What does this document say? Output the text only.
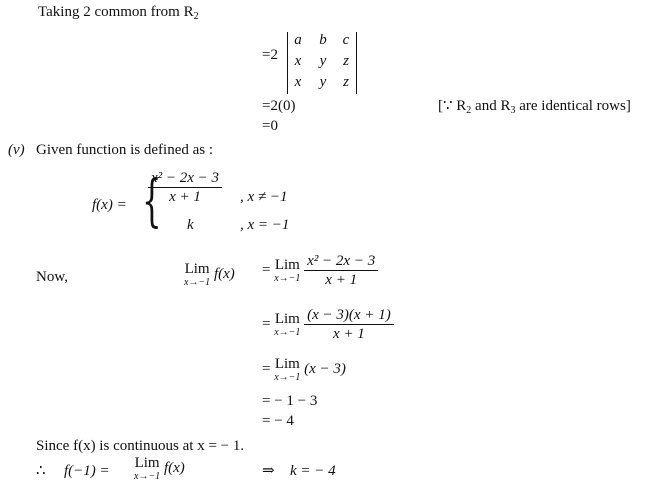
Taking 2 common from $R_2$
=2
a b c
x y z
x y z
=2(0)	[∵ $R_2$ and $R_3$ are identical rows]
=0
(v) Given function is defined as :
f(x) = {
$\frac{\text{x² − 2x − 3}}{x + 1}$ , x ≠ −1
k	, x = −1
Now,	Lim
x→−1
f(x) = Lim
x→−1
$\frac{\text{x² − 2x − 3}}{x + 1}$
= Lim
x→−1
$\frac{(x - 3)(x + 1)}{x + 1}$
= Lim
x→−1
(x − 3)
= − 1 − 3
= − 4
Since f(x) is continuous at x = − 1.
∴ f(−1) = Lim
x→−1
f(x)	⇒ k = − 4
